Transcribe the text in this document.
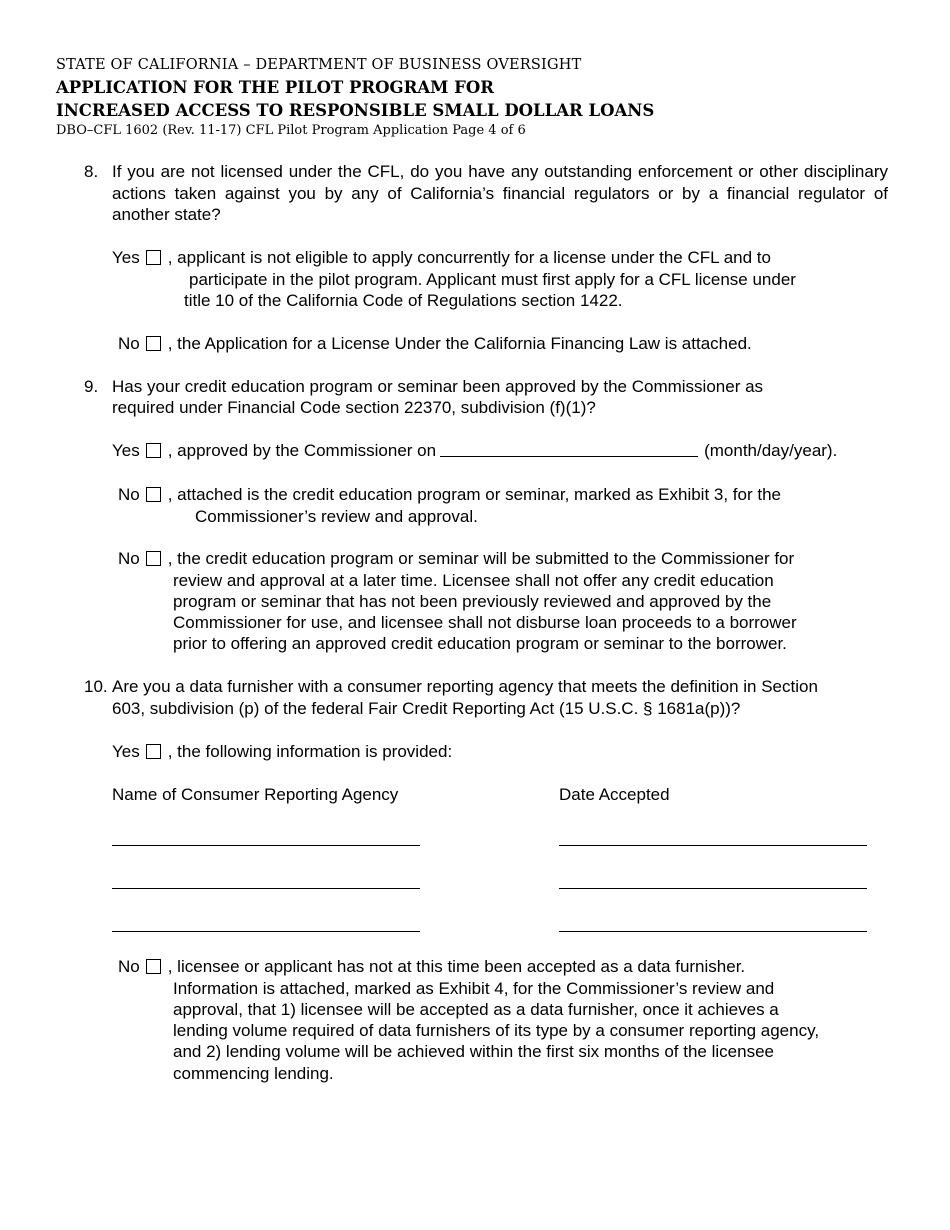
STATE OF CALIFORNIA – DEPARTMENT OF BUSINESS OVERSIGHT
APPLICATION FOR THE PILOT PROGRAM FOR
INCREASED ACCESS TO RESPONSIBLE SMALL DOLLAR LOANS
DBO–CFL 1602 (Rev. 11-17) CFL Pilot Program Application Page 4 of 6
8. If you are not licensed under the CFL, do you have any outstanding enforcement or other disciplinary actions taken against you by any of California’s financial regulators or by a financial regulator of another state?
Yes , applicant is not eligible to apply concurrently for a license under the CFL and to
participate in the pilot program. Applicant must first apply for a CFL license under
title 10 of the California Code of Regulations section 1422.
No , the Application for a License Under the California Financing Law is attached.
9. Has your credit education program or seminar been approved by the Commissioner as
required under Financial Code section 22370, subdivision (f)(1)?
Yes , approved by the Commissioner on	(month/day/year).
No , attached is the credit education program or seminar, marked as Exhibit 3, for the
Commissioner’s review and approval.
No , the credit education program or seminar will be submitted to the Commissioner for
review and approval at a later time. Licensee shall not offer any credit education
program or seminar that has not been previously reviewed and approved by the
Commissioner for use, and licensee shall not disburse loan proceeds to a borrower
prior to offering an approved credit education program or seminar to the borrower.
10. Are you a data furnisher with a consumer reporting agency that meets the definition in Section
603, subdivision (p) of the federal Fair Credit Reporting Act (15 U.S.C. § 1681a(p))?
Yes , the following information is provided:
Name of Consumer Reporting Agency	Date Accepted
No , licensee or applicant has not at this time been accepted as a data furnisher.
Information is attached, marked as Exhibit 4, for the Commissioner’s review and
approval, that 1) licensee will be accepted as a data furnisher, once it achieves a
lending volume required of data furnishers of its type by a consumer reporting agency,
and 2) lending volume will be achieved within the first six months of the licensee
commencing lending.
